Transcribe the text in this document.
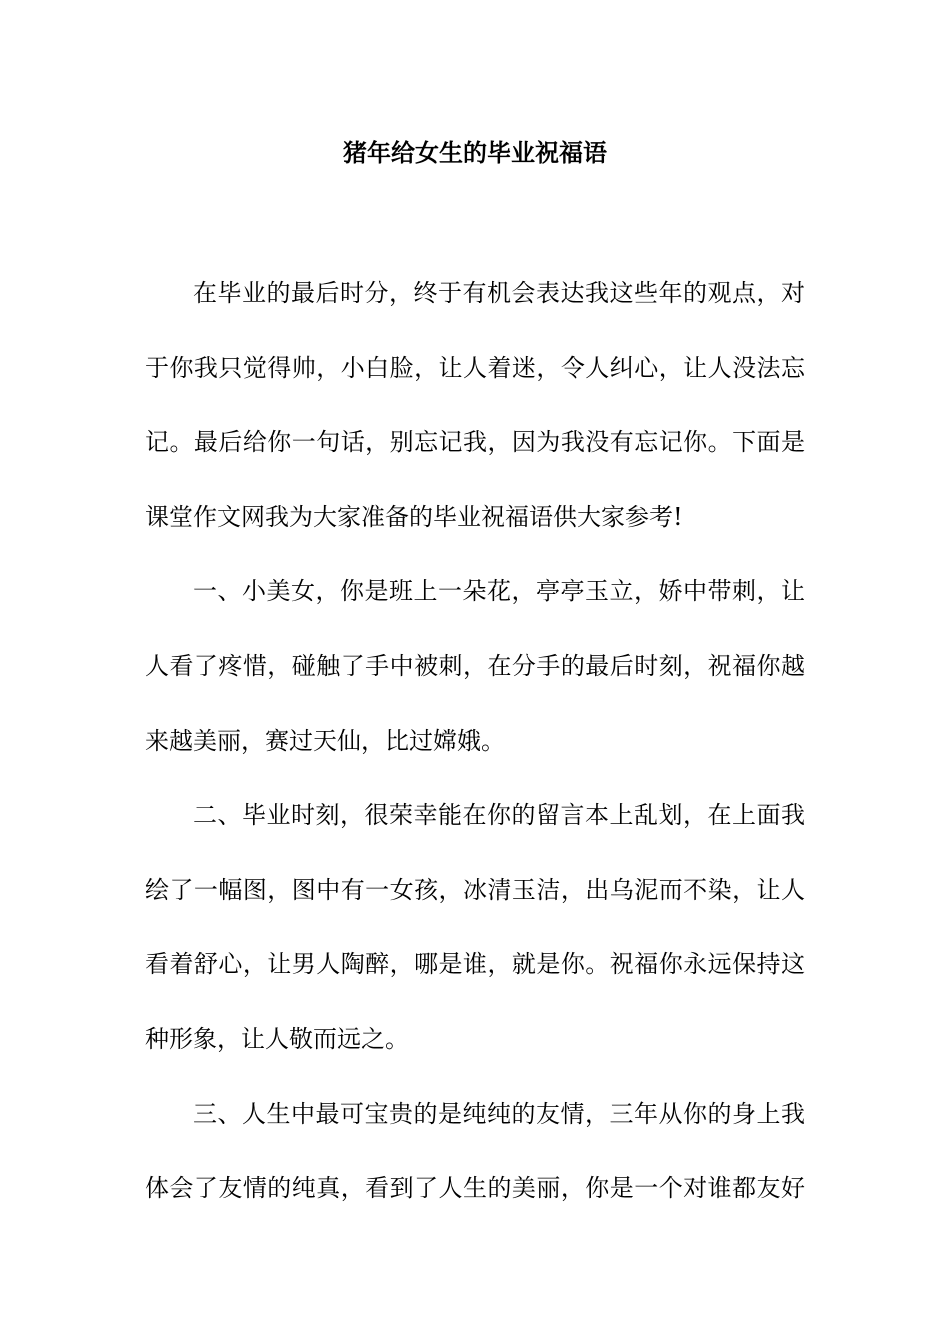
猪年给女生的毕业祝福语
在毕业的最后时分，终于有机会表达我这些年的观点，对
于你我只觉得帅，小白脸，让人着迷，令人纠心，让人没法忘
记。最后给你一句话，别忘记我，因为我没有忘记你。下面是
课堂作文网我为大家准备的毕业祝福语供大家参考!
一、小美女，你是班上一朵花，亭亭玉立，娇中带刺，让
人看了疼惜，碰触了手中被刺，在分手的最后时刻，祝福你越
来越美丽，赛过天仙，比过嫦娥。
二、毕业时刻，很荣幸能在你的留言本上乱划，在上面我
绘了一幅图，图中有一女孩，冰清玉洁，出乌泥而不染，让人
看着舒心，让男人陶醉，哪是谁，就是你。祝福你永远保持这
种形象，让人敬而远之。
三、人生中最可宝贵的是纯纯的友情，三年从你的身上我
体会了友情的纯真，看到了人生的美丽，你是一个对谁都友好
